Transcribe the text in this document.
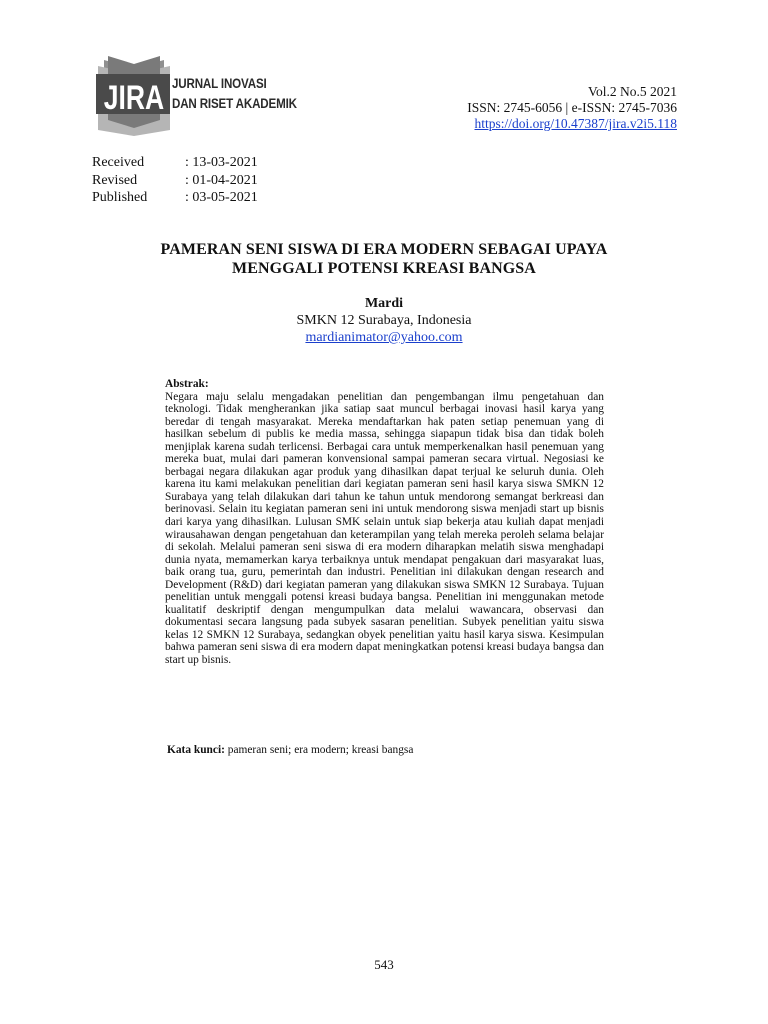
JIRA JURNAL INOVASI
DAN RISET AKADEMIK
Vol.2 No.5 2021
ISSN: 2745-6056 | e-ISSN: 2745-7036
https://doi.org/10.47387/jira.v2i5.118
Received	: 13-03-2021
Revised	: 01-04-2021
Published	: 03-05-2021
PAMERAN SENI SISWA DI ERA MODERN SEBAGAI UPAYA
MENGGALI POTENSI KREASI BANGSA
Mardi
SMKN 12 Surabaya, Indonesia
mardianimator@yahoo.com
Abstrak:
Negara maju selalu mengadakan penelitian dan pengembangan ilmu pengetahuan dan teknologi. Tidak mengherankan jika satiap saat muncul berbagai inovasi hasil karya yang beredar di tengah masyarakat. Mereka mendaftarkan hak paten setiap penemuan yang di hasilkan sebelum di publis ke media massa, sehingga siapapun tidak bisa dan tidak boleh menjiplak karena sudah terlicensi. Berbagai cara untuk memperkenalkan hasil penemuan yang mereka buat, mulai dari pameran konvensional sampai pameran secara virtual. Negosiasi ke berbagai negara dilakukan agar produk yang dihasilkan dapat terjual ke seluruh dunia. Oleh karena itu kami melakukan penelitian dari kegiatan pameran seni hasil karya siswa SMKN 12 Surabaya yang telah dilakukan dari tahun ke tahun untuk mendorong semangat berkreasi dan berinovasi. Selain itu kegiatan pameran seni ini untuk mendorong siswa menjadi start up bisnis dari karya yang dihasilkan. Lulusan SMK selain untuk siap bekerja atau kuliah dapat menjadi wirausahawan dengan pengetahuan dan keterampilan yang telah mereka peroleh selama belajar di sekolah. Melalui pameran seni siswa di era modern diharapkan melatih siswa menghadapi dunia nyata, memamerkan karya terbaiknya untuk mendapat pengakuan dari masyarakat luas, baik orang tua, guru, pemerintah dan industri. Penelitian ini dilakukan dengan research and Development (R&D) dari kegiatan pameran yang dilakukan siswa SMKN 12 Surabaya. Tujuan penelitian untuk menggali potensi kreasi budaya bangsa. Penelitian ini menggunakan metode kualitatif deskriptif dengan mengumpulkan data melalui wawancara, observasi dan dokumentasi secara langsung pada subyek sasaran penelitian. Subyek penelitian yaitu siswa kelas 12 SMKN 12 Surabaya, sedangkan obyek penelitian yaitu hasil karya siswa. Kesimpulan bahwa pameran seni siswa di era modern dapat meningkatkan potensi kreasi budaya bangsa dan start up bisnis.
Kata kunci: pameran seni; era modern; kreasi bangsa
543
